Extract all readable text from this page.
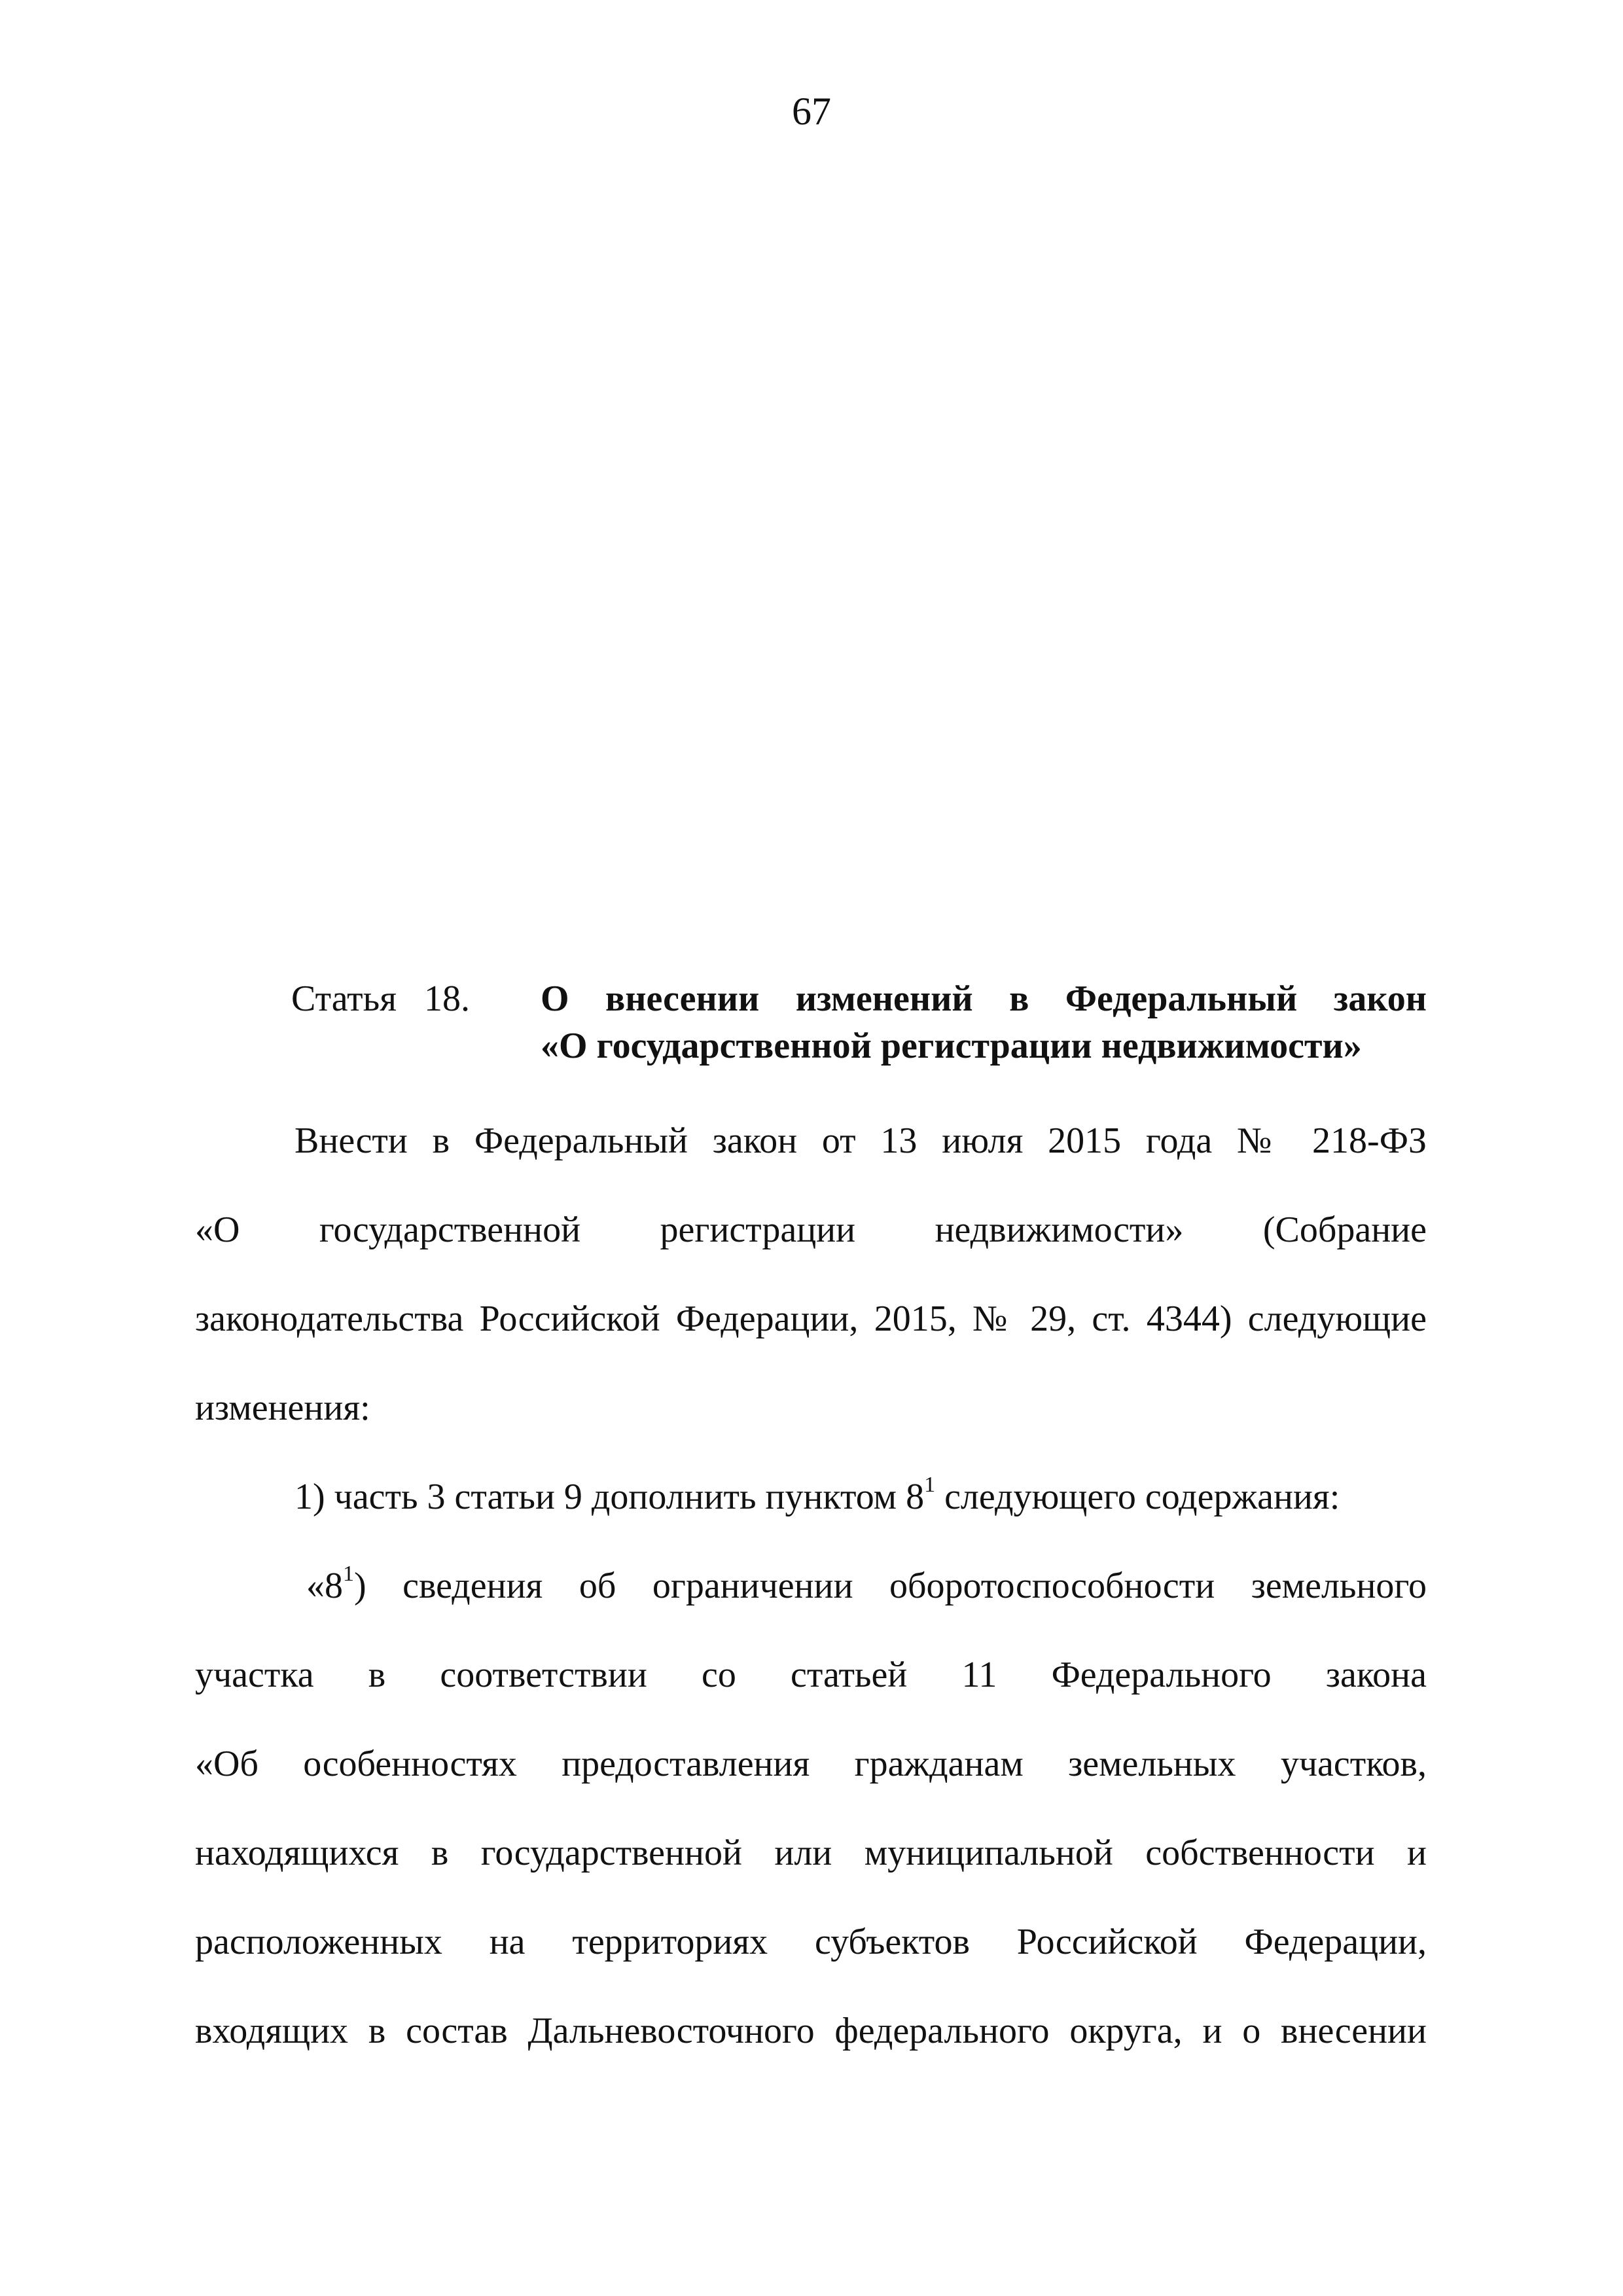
67
Статья 18. О внесении изменений в Федеральный закон
«О государственной регистрации недвижимости»
Внести в Федеральный закон от 13 июля 2015 года № 218-ФЗ
«О государственной регистрации недвижимости» (Собрание
законодательства Российской Федерации, 2015, № 29, ст. 4344) следующие
изменения:
1) часть 3 статьи 9 дополнить пунктом $8^1$ следующего содержания:
«$8^1$) сведения об ограничении оборотоспособности земельного
участка в соответствии со статьей 11 Федерального закона
«Об особенностях предоставления гражданам земельных участков,
находящихся в государственной или муниципальной собственности и
расположенных на территориях субъектов Российской Федерации,
входящих в состав Дальневосточного федерального округа, и о внесении
